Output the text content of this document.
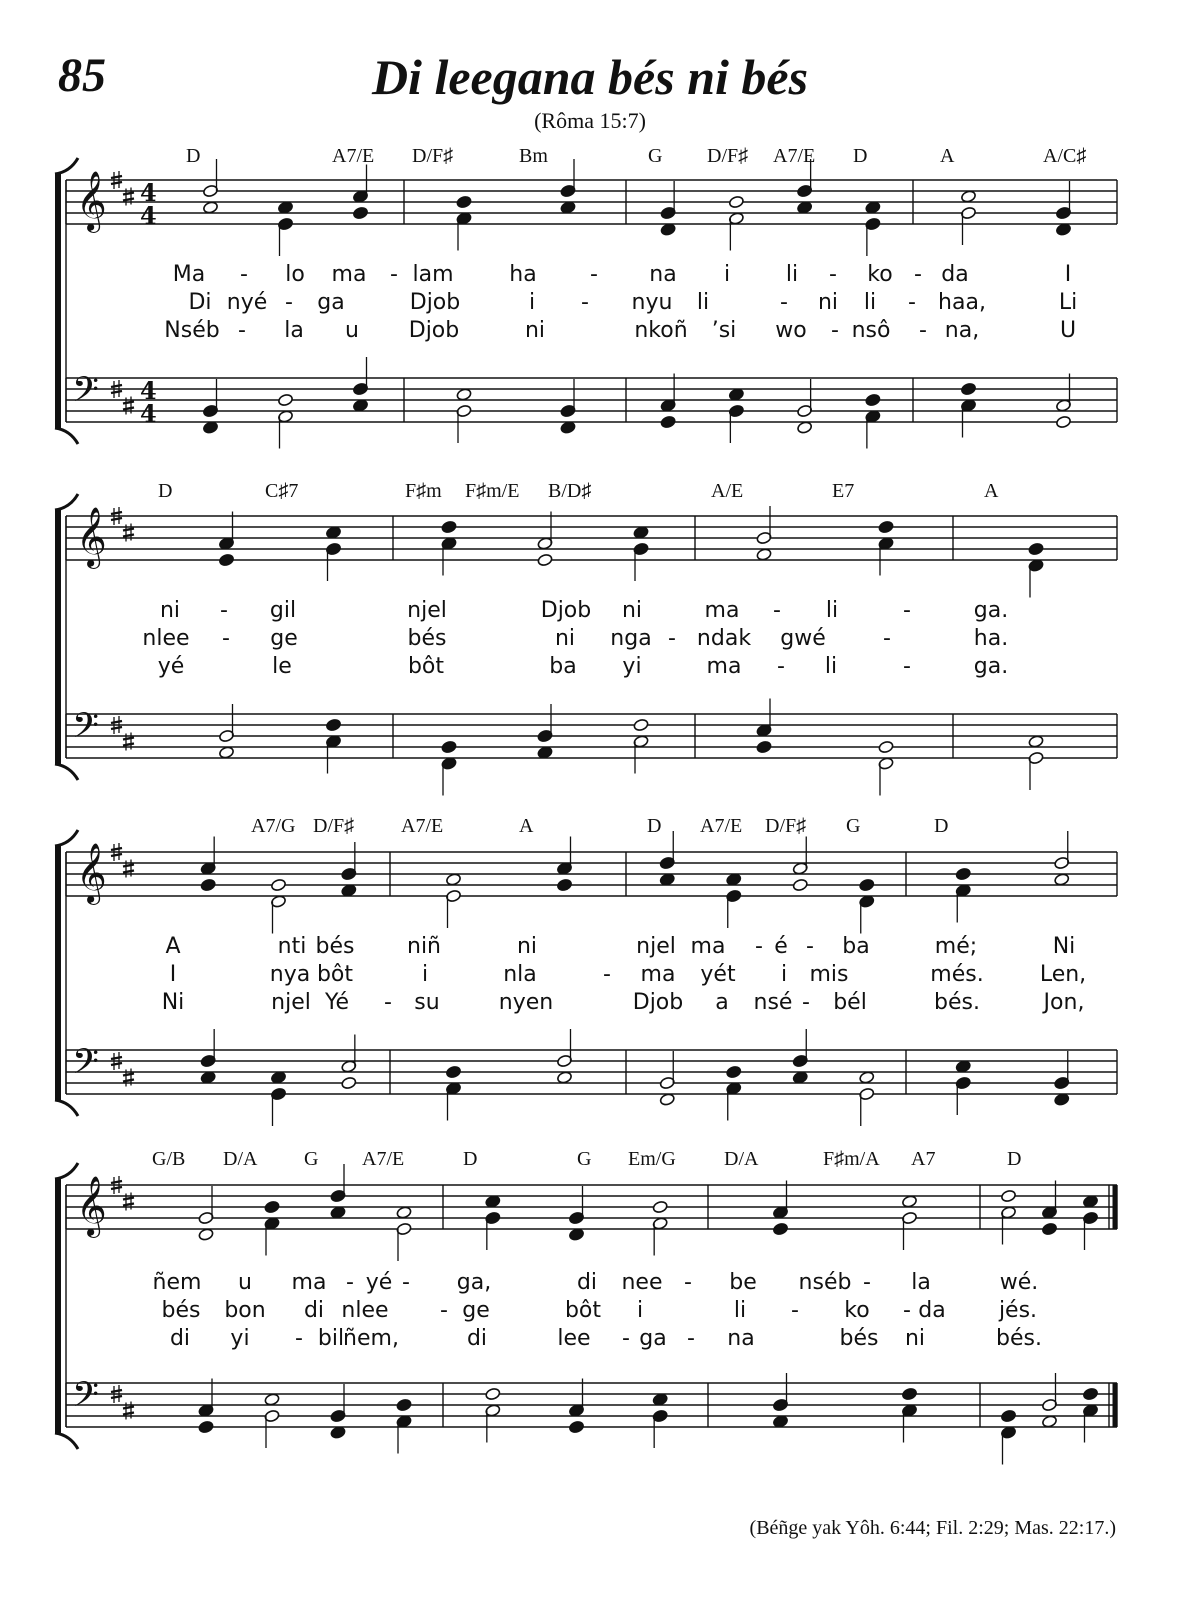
85	Di leegana bés ni bés
(Rôma 15:7)
𝄞 4
4
𝄢 4
4
𝄞
𝄢
𝄞
𝄢
𝄞
𝄢
D	A7/E D/F♯	Bm	G D/F♯ A7/E D	A	A/C♯
Ma - lo ma - lam	ha - na i	li - ko - da	I
Di nyé - ga	Djob	i - nyu li	- ni li - haa,	Li
Nséb - la u Djob	ni	nkoñ ’si wo - nsô - na,	U
D	C♯7	F♯m F♯m/E B/D♯	A/E	E7	A
ni - gil	njel	Djob ni	ma - li	-	ga.
nlee - ge	bés	ni nga - ndak gwé	-	ha.
yé	le	bôt	ba yi	ma - li	-	ga.
A7/G D/F♯ A7/E	A	D A7/E D/F♯ G	D
A	nti bés niñ	ni	njel ma - é - ba	mé;	Ni
I	nya bôt	i	nla	- ma yét i mis	més.	Len,
Ni	njel Yé - su	nyen	Djob a nsé - bél	bés.	Jon,
G/B D/A G A7/E	D	G Em/G D/A	F♯m/A A7	D
ñem u ma - yé - ga,	di nee - be nséb - la	wé.
bés bon di nlee - ge	bôt i	li - ko - da jés.
di yi - bil
ñem,	di	lee - ga - na	bés ni	bés.
(Béñge yak Yôh. 6:44; Fil. 2:29; Mas. 22:17.)
